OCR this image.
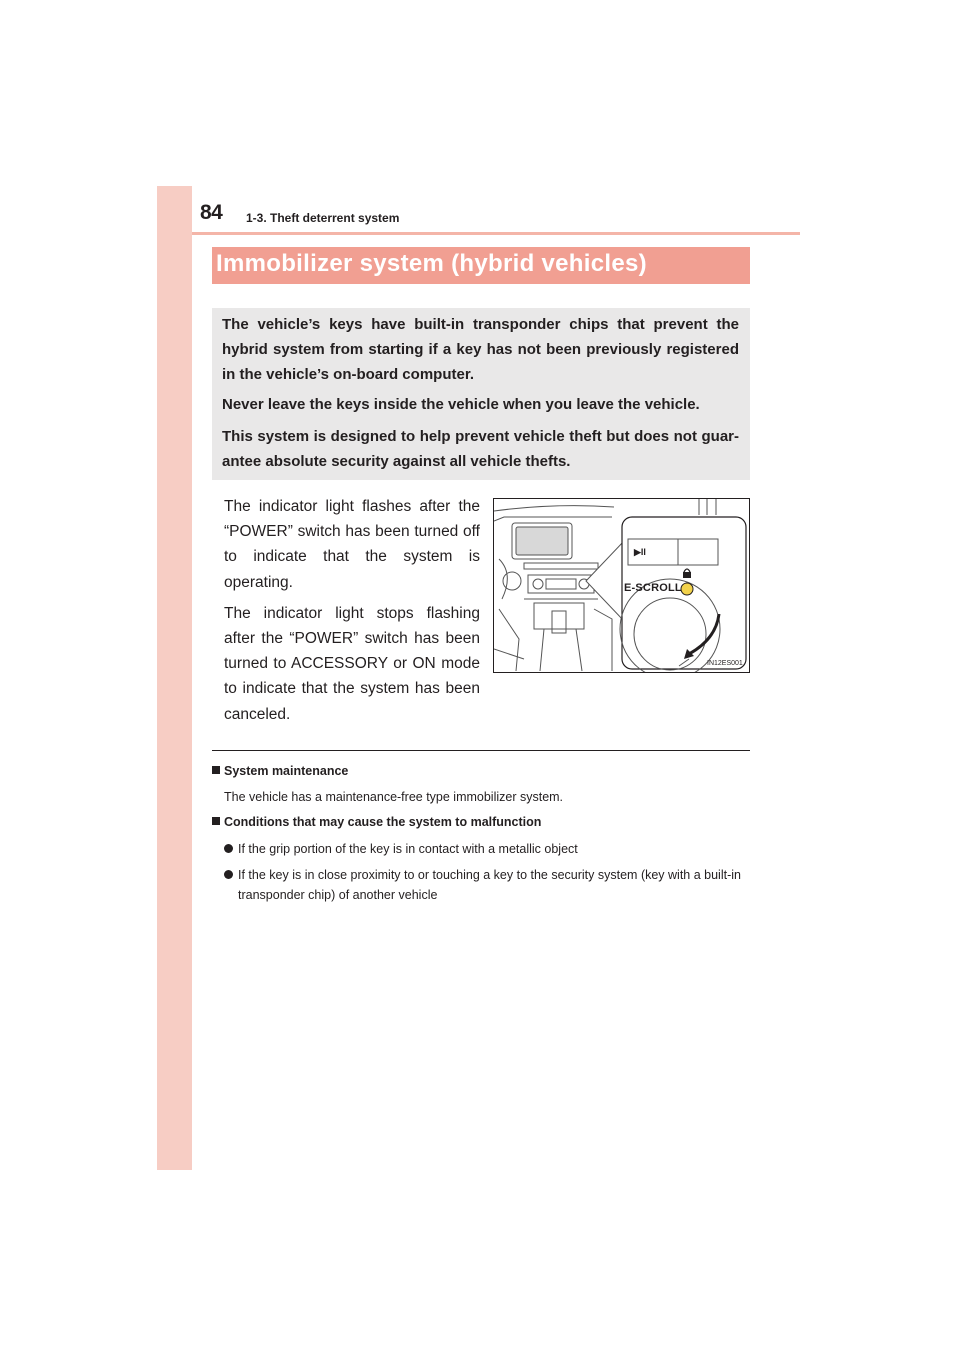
84 1-3. Theft deterrent system
Immobilizer system (hybrid vehicles)

The vehicle’s keys have built-in transponder chips that prevent the hybrid system from starting if a key has not been previously registered in the vehicle’s on-board computer.

Never leave the keys inside the vehicle when you leave the vehicle.

This system is designed to help prevent vehicle theft but does not guar-antee absolute security against all vehicle thefts.

The indicator light flashes after the “POWER” switch has been turned off to indicate that the system is operating.

The indicator light stops flashing after the “POWER” switch has been turned to ACCESSORY or ON mode to indicate that the system has been canceled.

▶II
E-SCROLL
IN12ES001
System maintenance
The vehicle has a maintenance-free type immobilizer system.
Conditions that may cause the system to malfunction
If the grip portion of the key is in contact with a metallic object
If the key is in close proximity to or touching a key to the security system (key with a built-in transponder chip) of another vehicle
